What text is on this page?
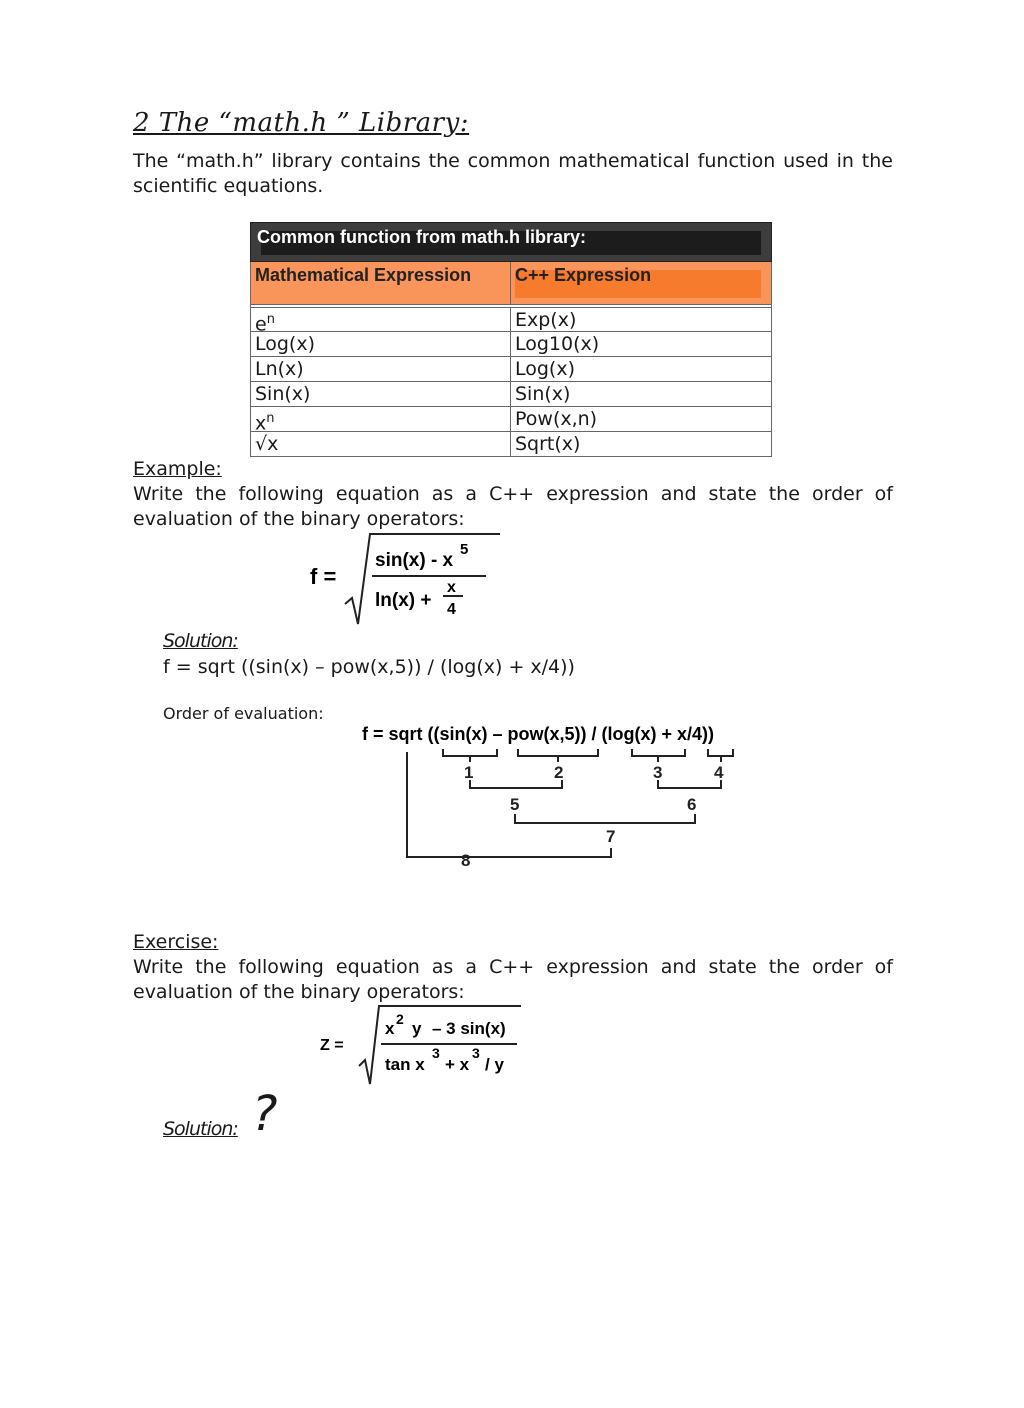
2 The “math.h ” Library:
The “math.h” library contains the common mathematical function used in the scientific equations.
Common function from math.h library:
Mathematical Expression	C++ Expression
$e^n$	Exp(x)
Log(x)	Log10(x)
Ln(x)	Log(x)
Sin(x)	Sin(x)
$x^n$	Pow(x,n)
√x	Sqrt(x)
Example:
Write the following equation as a C++ expression and state the order of evaluation of the binary operators:
f =
sin(x) - x
5
ln(x) +
x
4
Solution:
f = sqrt ((sin(x) – pow(x,5)) / (log(x) + x/4))
Order of evaluation:
f = sqrt ((sin(x) – pow(x,5)) / (log(x) + x/4))
1	2	3	4
5	6
7
8
Exercise:
Write the following equation as a C++ expression and state the order of evaluation of the binary operators:
Z =
x 2 y – 3 sin(x)
tan x
3
+ x
3
/ y
Solution: ?
